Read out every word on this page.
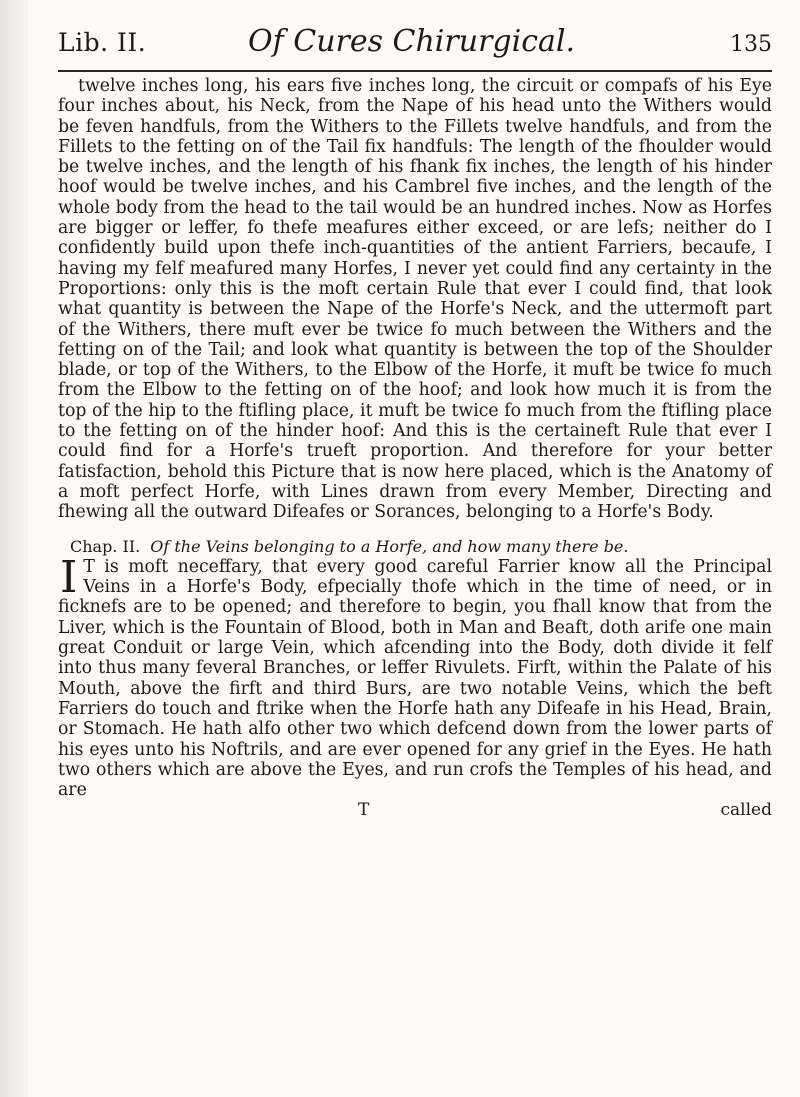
Lib. II.	Of Cures Chirurgical.	135

twelve inches long, his ears five inches long, the circuit or compafs of his Eye four inches about, his Neck, from the Nape of his head unto the Withers would be feven handfuls, from the Withers to the Fillets twelve handfuls, and from the Fillets to the fetting on of the Tail fix handfuls: The length of the fhoulder would be twelve inches, and the length of his fhank fix inches, the length of his hinder hoof would be twelve inches, and his Cambrel five inches, and the length of the whole body from the head to the tail would be an hundred inches. Now as Horfes are bigger or leffer, fo thefe meafures either exceed, or are lefs; neither do I confidently build upon thefe inch-quantities of the antient Farriers, becaufe, I having my felf meafured many Horfes, I never yet could find any certainty in the Proportions: only this is the moft certain Rule that ever I could find, that look what quantity is between the Nape of the Horfe's Neck, and the uttermoft part of the Withers, there muft ever be twice fo much between the Withers and the fetting on of the Tail; and look what quantity is between the top of the Shoulder blade, or top of the Withers, to the Elbow of the Horfe, it muft be twice fo much from the Elbow to the fetting on of the hoof; and look how much it is from the top of the hip to the ftifling place, it muft be twice fo much from the ftifling place to the fetting on of the hinder hoof: And this is the certaineft Rule that ever I could find for a Horfe's trueft proportion. And therefore for your better fatisfaction, behold this Picture that is now here placed, which is the Anatomy of a moft perfect Horfe, with Lines drawn from every Member, Directing and fhewing all the outward Difeafes or Sorances, belonging to a Horfe's Body.

Chap. II. Of the Veins belonging to a Horfe, and how many there be.

I T is moft neceffary, that every good careful Farrier know all the Principal Veins in a Horfe's Body, efpecially thofe which in the time of need, or in ficknefs are to be opened; and therefore to begin, you fhall know that from the Liver, which is the Fountain of Blood, both in Man and Beaft, doth arife one main great Conduit or large Vein, which afcending into the Body, doth divide it felf into thus many feveral Branches, or leffer Rivulets. Firft, within the Palate of his Mouth, above the firft and third Burs, are two notable Veins, which the beft Farriers do touch and ftrike when the Horfe hath any Difeafe in his Head, Brain, or Stomach. He hath alfo other two which defcend down from the lower parts of his eyes unto his Noftrils, and are ever opened for any grief in the Eyes. He hath two others which are above the Eyes, and run crofs the Temples of his head, and are

T	called
